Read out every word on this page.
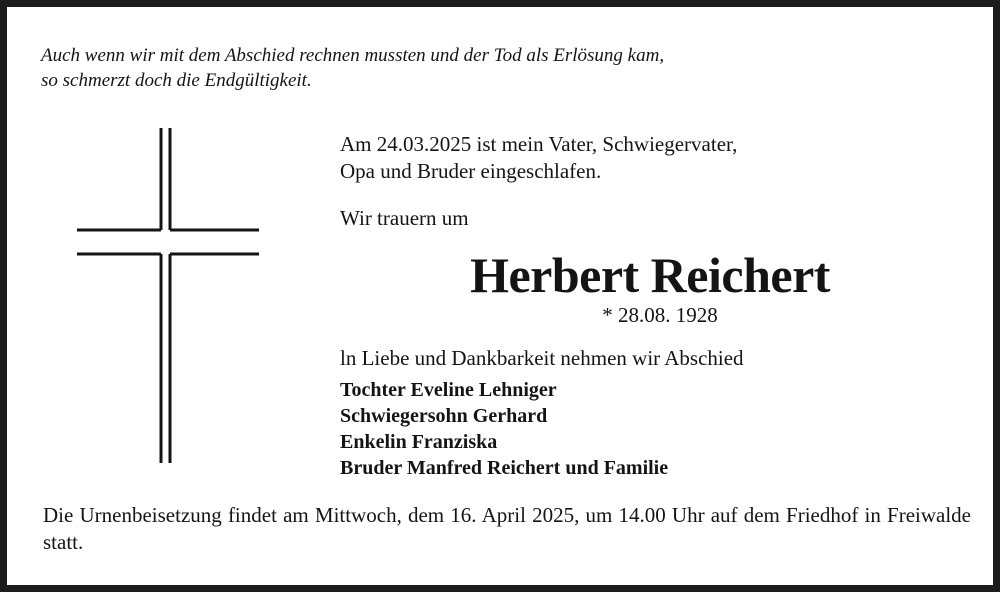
Auch wenn wir mit dem Abschied rechnen mussten und der Tod als Erlösung kam,
so schmerzt doch die Endgültigkeit.
Am 24.03.2025 ist mein Vater, Schwiegervater,
Opa und Bruder eingeschlafen.
Wir trauern um
Herbert Reichert
* 28.08. 1928
ln Liebe und Dankbarkeit nehmen wir Abschied
Tochter Eveline Lehniger
Schwiegersohn Gerhard
Enkelin Franziska
Bruder Manfred Reichert und Familie
Die Urnenbeisetzung findet am Mittwoch, dem 16. April 2025, um 14.00 Uhr auf dem Friedhof in Freiwalde statt.
